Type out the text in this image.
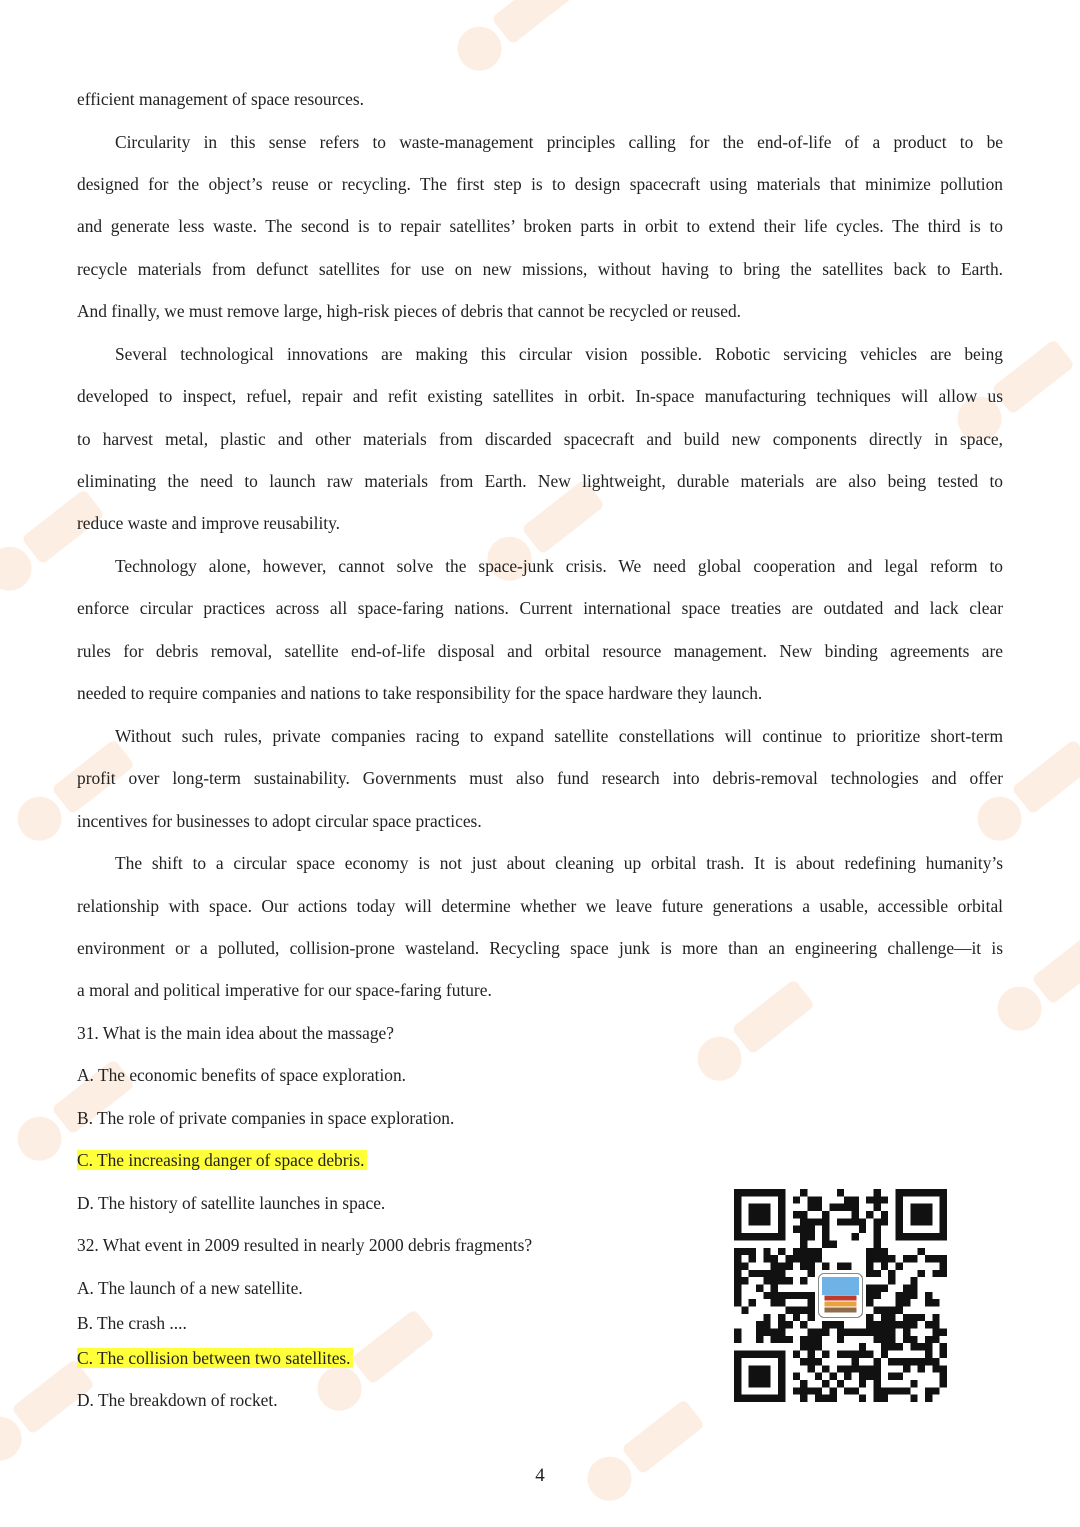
efficient management of space resources.
Circularity in this sense refers to waste-management principles calling for the end-of-life of a product to be
designed for the object’s reuse or recycling. The first step is to design spacecraft using materials that minimize pollution
and generate less waste. The second is to repair satellites’ broken parts in orbit to extend their life cycles. The third is to
recycle materials from defunct satellites for use on new missions, without having to bring the satellites back to Earth.
And finally, we must remove large, high-risk pieces of debris that cannot be recycled or reused.
Several technological innovations are making this circular vision possible. Robotic servicing vehicles are being
developed to inspect, refuel, repair and refit existing satellites in orbit. In-space manufacturing techniques will allow us
to harvest metal, plastic and other materials from discarded spacecraft and build new components directly in space,
eliminating the need to launch raw materials from Earth. New lightweight, durable materials are also being tested to
reduce waste and improve reusability.
Technology alone, however, cannot solve the space-junk crisis. We need global cooperation and legal reform to
enforce circular practices across all space-faring nations. Current international space treaties are outdated and lack clear
rules for debris removal, satellite end-of-life disposal and orbital resource management. New binding agreements are
needed to require companies and nations to take responsibility for the space hardware they launch.
Without such rules, private companies racing to expand satellite constellations will continue to prioritize short-term
profit over long-term sustainability. Governments must also fund research into debris-removal technologies and offer
incentives for businesses to adopt circular space practices.
The shift to a circular space economy is not just about cleaning up orbital trash. It is about redefining humanity’s
relationship with space. Our actions today will determine whether we leave future generations a usable, accessible orbital
environment or a polluted, collision-prone wasteland. Recycling space junk is more than an engineering challenge—it is
a moral and political imperative for our space-faring future.
31. What is the main idea about the massage?
A. The economic benefits of space exploration.
B. The role of private companies in space exploration.
C. The increasing danger of space debris.
D. The history of satellite launches in space.
32. What event in 2009 resulted in nearly 2000 debris fragments?
A. The launch of a new satellite.
B. The crash ....
C. The collision between two satellites.
D. The breakdown of rocket.
4
